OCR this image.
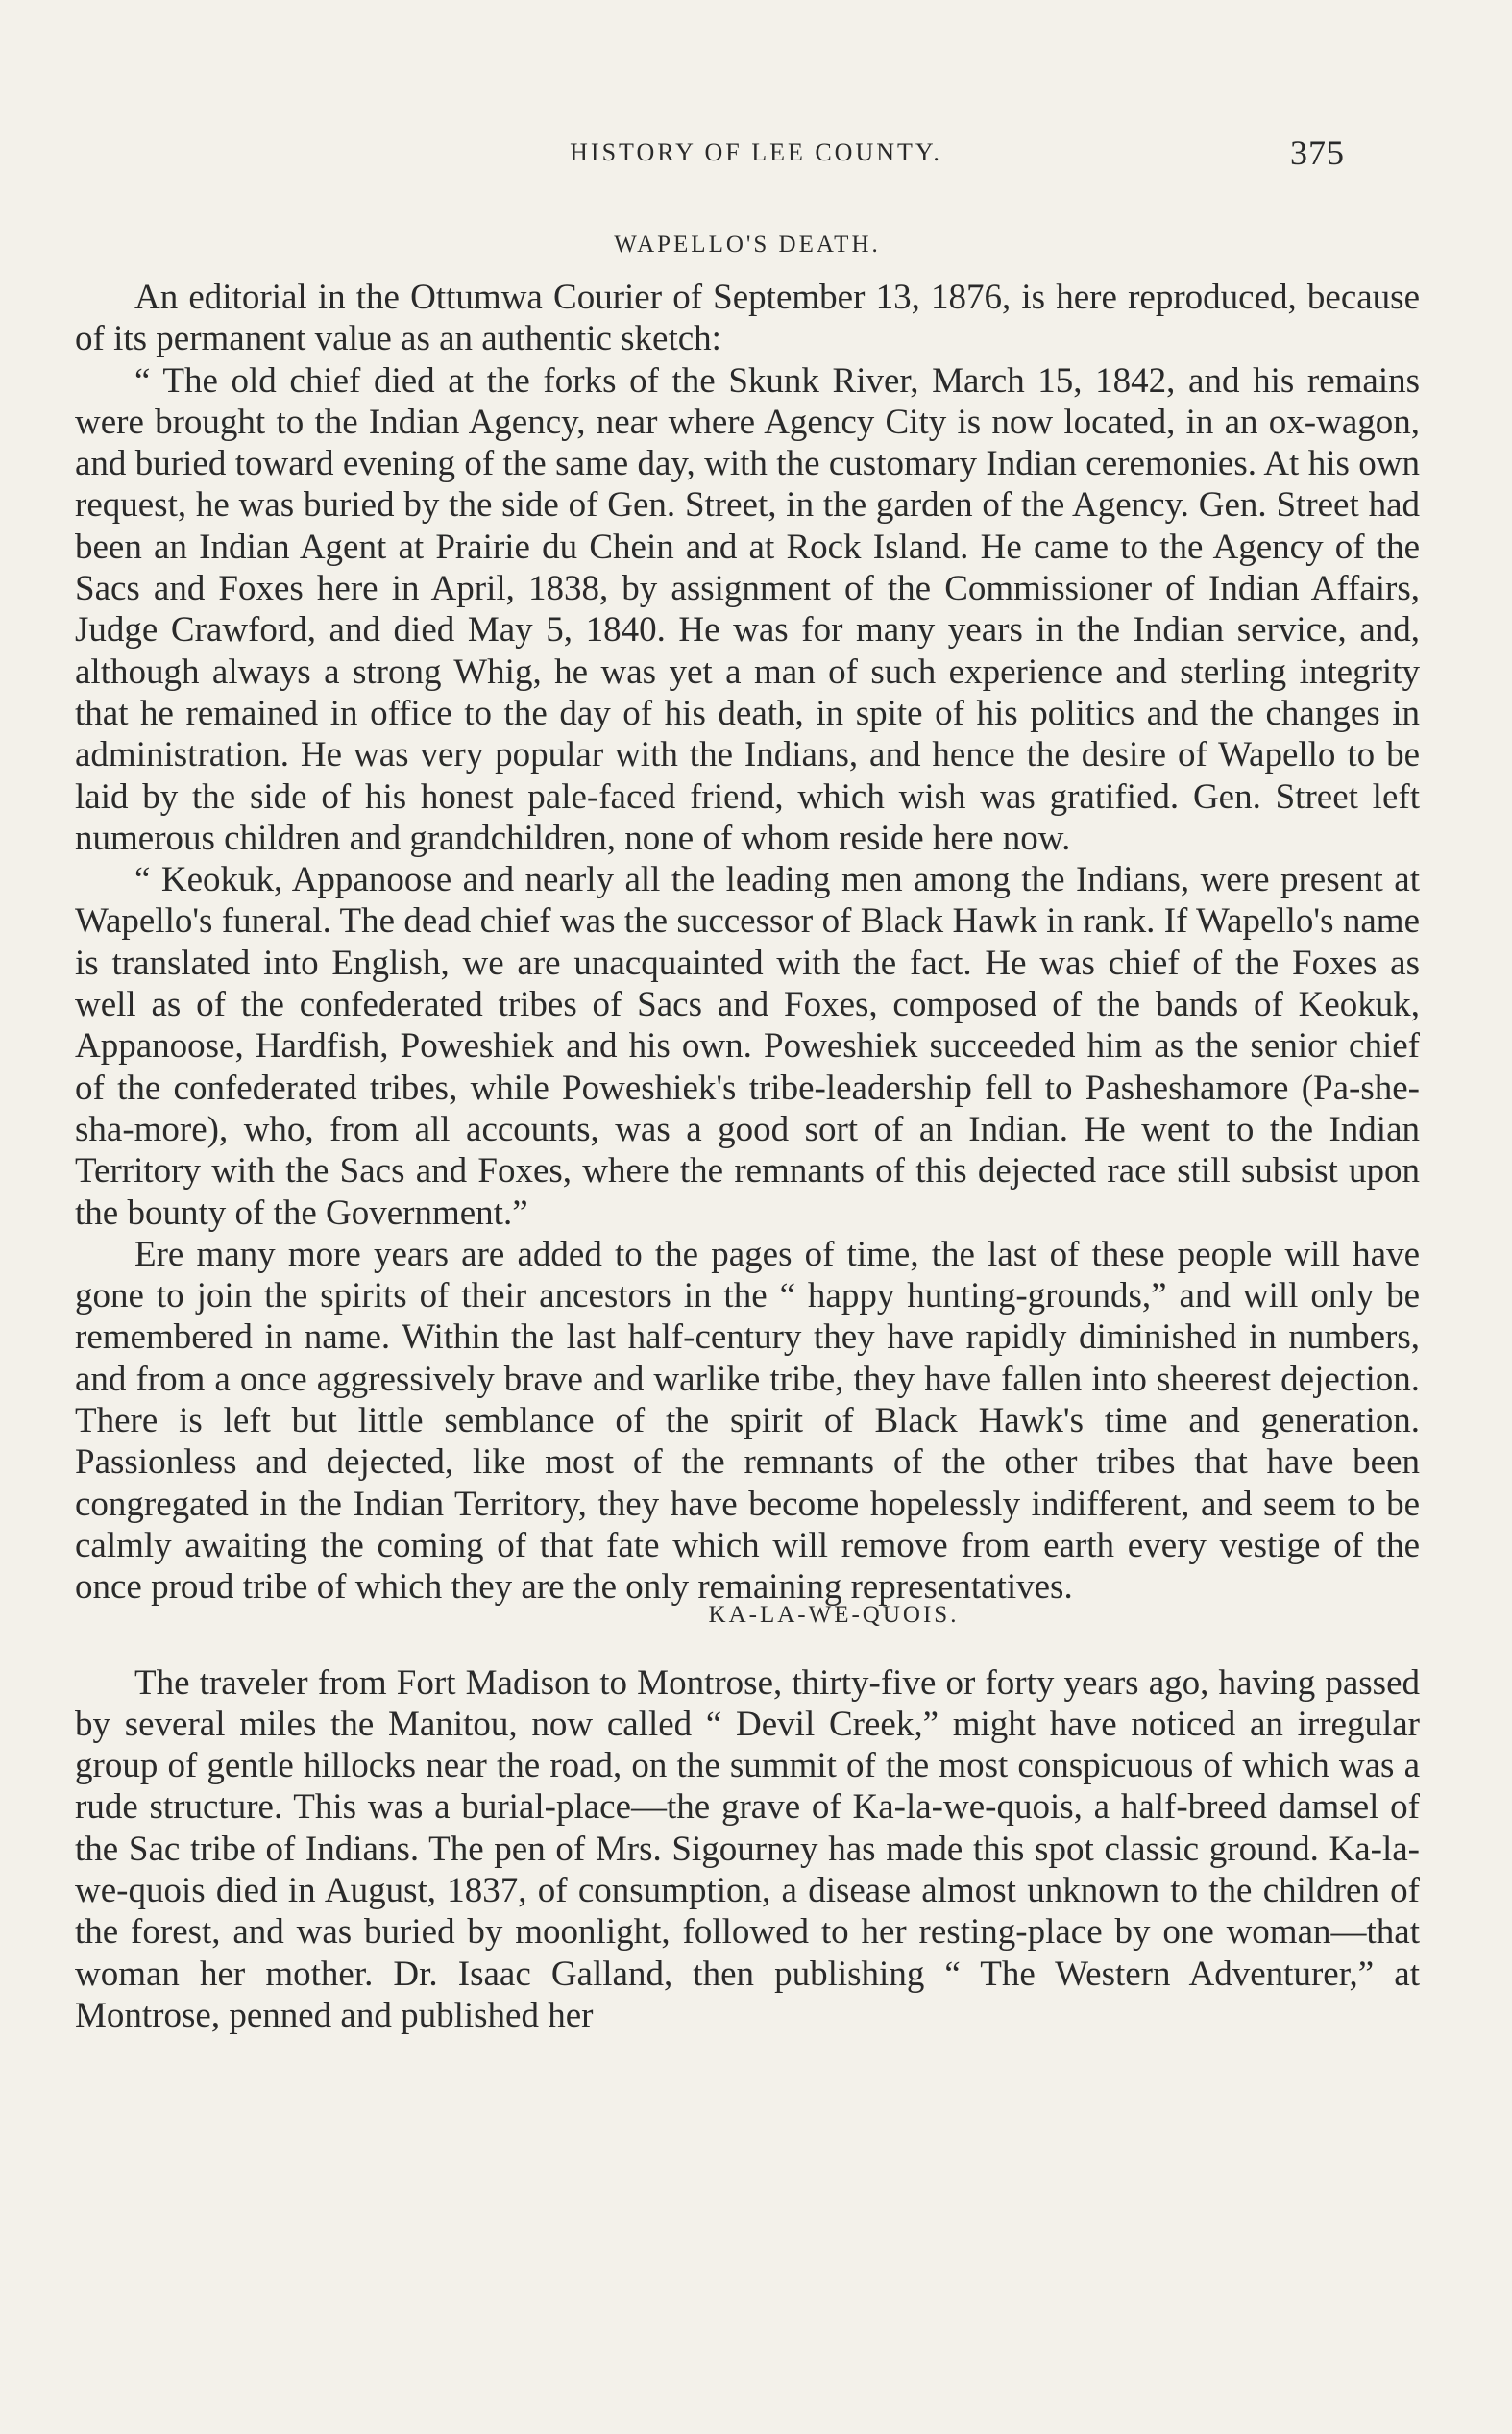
HISTORY OF LEE COUNTY.	375
WAPELLO'S DEATH.

An editorial in the Ottumwa Courier of September 13, 1876, is here reproduced, because of its permanent value as an authentic sketch:

“ The old chief died at the forks of the Skunk River, March 15, 1842, and his remains were brought to the Indian Agency, near where Agency City is now located, in an ox-wagon, and buried toward evening of the same day, with the customary Indian ceremonies. At his own request, he was buried by the side of Gen. Street, in the garden of the Agency. Gen. Street had been an Indian Agent at Prairie du Chein and at Rock Island. He came to the Agency of the Sacs and Foxes here in April, 1838, by assignment of the Commissioner of Indian Affairs, Judge Crawford, and died May 5, 1840. He was for many years in the Indian service, and, although always a strong Whig, he was yet a man of such experience and sterling integrity that he remained in office to the day of his death, in spite of his politics and the changes in administration. He was very popular with the Indians, and hence the desire of Wapello to be laid by the side of his honest pale-faced friend, which wish was gratified. Gen. Street left numerous children and grandchildren, none of whom reside here now.

“ Keokuk, Appanoose and nearly all the leading men among the Indians, were present at Wapello's funeral. The dead chief was the successor of Black Hawk in rank. If Wapello's name is translated into English, we are unacquainted with the fact. He was chief of the Foxes as well as of the confederated tribes of Sacs and Foxes, composed of the bands of Keokuk, Appanoose, Hardfish, Poweshiek and his own. Poweshiek succeeded him as the senior chief of the confederated tribes, while Poweshiek's tribe-leadership fell to Pasheshamore (Pa-she-sha-more), who, from all accounts, was a good sort of an Indian. He went to the Indian Territory with the Sacs and Foxes, where the remnants of this dejected race still subsist upon the bounty of the Government.”

Ere many more years are added to the pages of time, the last of these people will have gone to join the spirits of their ancestors in the “ happy hunting-grounds,” and will only be remembered in name. Within the last half-century they have rapidly diminished in numbers, and from a once aggressively brave and warlike tribe, they have fallen into sheerest dejection. There is left but little semblance of the spirit of Black Hawk's time and generation. Passionless and dejected, like most of the remnants of the other tribes that have been congregated in the Indian Territory, they have become hopelessly indifferent, and seem to be calmly awaiting the coming of that fate which will remove from earth every vestige of the once proud tribe of which they are the only remaining representatives.

KA-LA-WE-QUOIS.

The traveler from Fort Madison to Montrose, thirty-five or forty years ago, having passed by several miles the Manitou, now called “ Devil Creek,” might have noticed an irregular group of gentle hillocks near the road, on the summit of the most conspicuous of which was a rude structure. This was a burial-place—the grave of Ka-la-we-quois, a half-breed damsel of the Sac tribe of Indians. The pen of Mrs. Sigourney has made this spot classic ground. Ka-la-we-quois died in August, 1837, of consumption, a disease almost unknown to the children of the forest, and was buried by moonlight, followed to her resting-place by one woman—that woman her mother. Dr. Isaac Galland, then publishing “ The Western Adventurer,” at Montrose, penned and published her
